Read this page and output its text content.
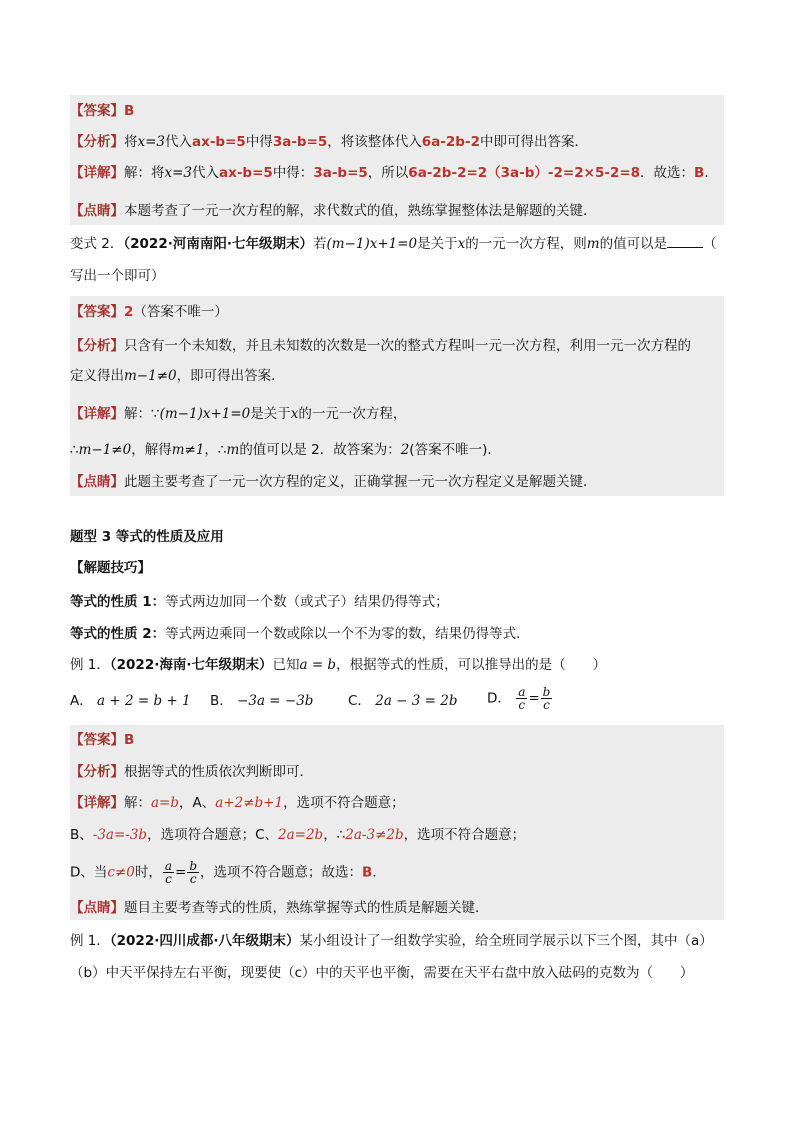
【答案】B
【分析】将x=3代入ax-b=5中得3a-b=5，将该整体代入6a-2b-2中即可得出答案．
【详解】解：将x=3代入ax-b=5中得：3a-b=5，所以6a-2b-2=2（3a-b）-2=2×5-2=8．故选：B．
【点睛】本题考查了一元一次方程的解，求代数式的值，熟练掌握整体法是解题的关键．
变式 2．（2022·河南南阳·七年级期末）若(m−1)x+1=0是关于x的一元一次方程，则m的值可以是	（
写出一个即可）
【答案】2（答案不唯一）
【分析】只含有一个未知数，并且未知数的次数是一次的整式方程叫一元一次方程，利用一元一次方程的
定义得出m−1≠0，即可得出答案．
【详解】解：∵(m−1)x+1=0是关于x的一元一次方程，
∴m−1≠0，解得m≠1，∴m的值可以是 2．故答案为：2(答案不唯一)．
【点睛】此题主要考查了一元一次方程的定义，正确掌握一元一次方程定义是解题关键．
题型 3 等式的性质及应用
【解题技巧】
等式的性质 1：等式两边加同一个数（或式子）结果仍得等式；
等式的性质 2：等式两边乘同一个数或除以一个不为零的数，结果仍得等式．
例 1．（2022·海南·七年级期末）已知a = b，根据等式的性质，可以推导出的是（　　）
A． a + 2 = b + 1 B． −3a = −3b	C． 2a − 3 = 2b D． $\frac{a}{c} = \frac{b}{c}$
【答案】B
【分析】根据等式的性质依次判断即可．
【详解】解：a=b，A、a+2≠b+1，选项不符合题意；
B、-3a=-3b，选项符合题意；C、2a=2b，∴2a-3≠2b，选项不符合题意；
D、当c≠0时， $\frac{a}{c} = \frac{b}{c}$ ，选项不符合题意；故选：B．
【点睛】题目主要考查等式的性质，熟练掌握等式的性质是解题关键．
例 1．（2022·四川成都·八年级期末）某小组设计了一组数学实验，给全班同学展示以下三个图，其中（a）
（b）中天平保持左右平衡，现要使（c）中的天平也平衡，需要在天平右盘中放入砝码的克数为（　　）
